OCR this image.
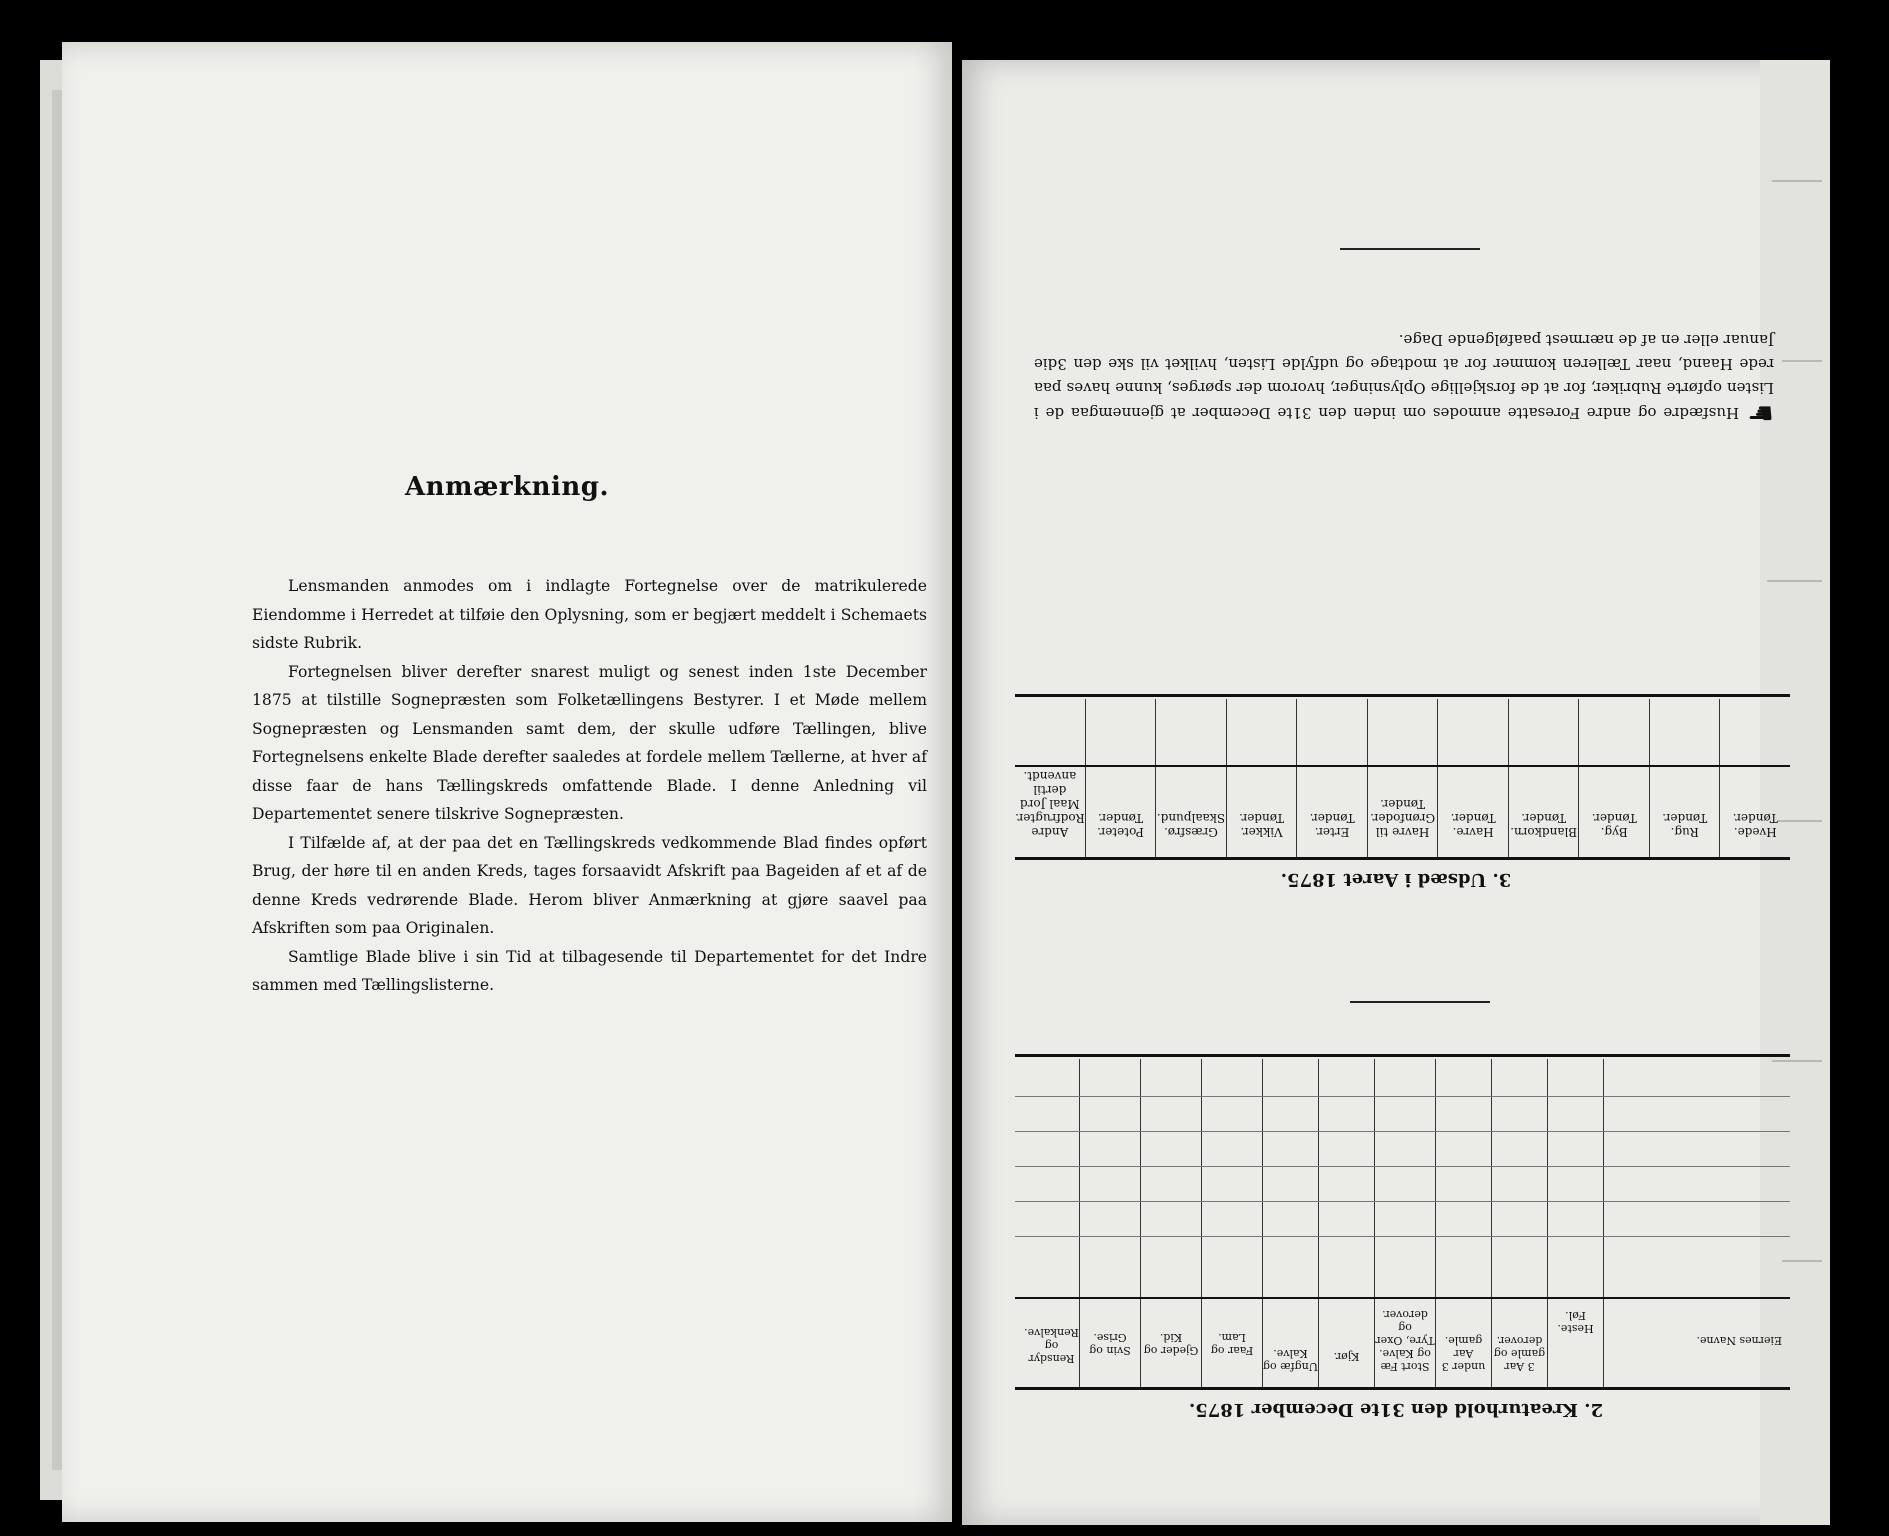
Anmærkning.

Lensmanden anmodes om i indlagte Fortegnelse over de matrikulerede Eiendomme i Herredet at tilføie den Oplysning, som er begjært meddelt i Schemaets sidste Rubrik.

Fortegnelsen bliver derefter snarest muligt og senest inden 1ste December 1875 at tilstille Sognepræsten som Folketællingens Bestyrer. I et Møde mellem Sognepræsten og Lensmanden samt dem, der skulle udføre Tællingen, blive Fortegnelsens enkelte Blade derefter saaledes at fordele mellem Tællerne, at hver af disse faar de hans Tællingskreds omfattende Blade. I denne Anledning vil Departementet senere tilskrive Sognepræsten.

I Tilfælde af, at der paa det en Tællingskreds vedkommende Blad findes opført Brug, der høre til en anden Kreds, tages forsaavidt Afskrift paa Bageiden af et af de denne Kreds vedrørende Blade. Herom bliver Anmærkning at gjøre saavel paa Afskriften som paa Originalen.

Samtlige Blade blive i sin Tid at tilbagesende til Departementet for det Indre sammen med Tællingslisterne.

2. Kreaturhold den 31te December 1875.
Eiernes Navne.
Heste. Føl.
3 Aar gamle og derover.
under 3 Aar gamle.
Stort Fæ og Kalve. Tyre, Oxer og derover.
Kjør.
Ungfæ og Kalve.
Faar og Lam.
Gjeder og Kid.
Svin og Grise.
Rensdyr og Renkalve.
3. Udsæd i Aaret 1875.
Hvede. Tønder.
Rug. Tønder.
Byg. Tønder.
Blandkorn. Tønder.
Havre. Tønder.
Havre til Grønfoder. Tønder.
Erter. Tønder.
Vikker. Tønder.
Græsfrø. Skaalpund.
Poteter. Tønder.
Andre Rodfrugter. Maal Jord dertil anvendt.
☛Husfædre og andre Foresatte anmodes om inden den 31te December at gjennemgaa de i Listen opførte Rubriker, for at de forskjellige Oplysninger, hvorom der spørges, kunne haves paa rede Haand, naar Tælleren kommer for at modtage og udfylde Listen, hvilket vil ske den 3die Januar eller en af de nærmest paafølgende Dage.
